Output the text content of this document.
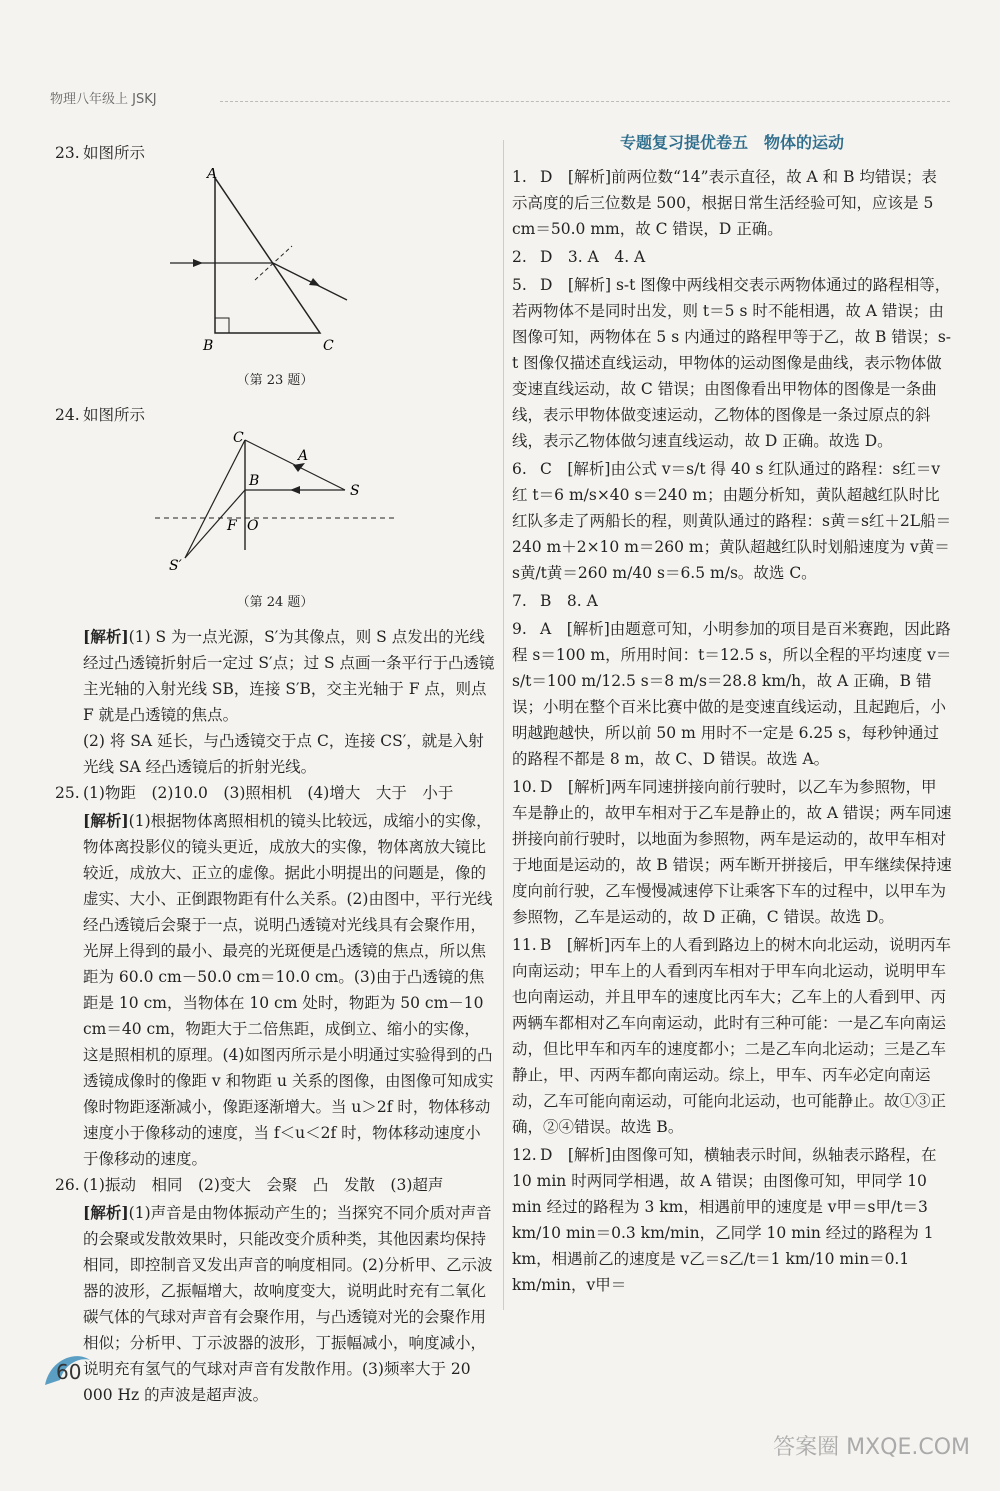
物理八年级上 JSKJ
23. 如图所示
A
B	C
（第 23 题）
24. 如图所示
C
A
B
S
F O
S′
（第 24 题）
[解析](1) S 为一点光源，S′为其像点，则 S 点发出的光线经过凸透镜折射后一定过 S′点；过 S 点画一条平行于凸透镜主光轴的入射光线 SB，连接 S′B，交主光轴于 F 点，则点 F 就是凸透镜的焦点。
(2) 将 SA 延长，与凸透镜交于点 C，连接 CS′，就是入射光线 SA 经凸透镜后的折射光线。
25. (1)物距　(2)10.0　(3)照相机　(4)增大　大于　小于
[解析](1)根据物体离照相机的镜头比较远，成缩小的实像，物体离投影仪的镜头更近，成放大的实像，物体离放大镜比较近，成放大、正立的虚像。据此小明提出的问题是，像的虚实、大小、正倒跟物距有什么关系。(2)由图中，平行光线经凸透镜后会聚于一点，说明凸透镜对光线具有会聚作用，光屏上得到的最小、最亮的光斑便是凸透镜的焦点，所以焦距为 60.0 cm－50.0 cm＝10.0 cm。(3)由于凸透镜的焦距是 10 cm，当物体在 10 cm 处时，物距为 50 cm－10 cm＝40 cm，物距大于二倍焦距，成倒立、缩小的实像，这是照相机的原理。(4)如图丙所示是小明通过实验得到的凸透镜成像时的像距 v 和物距 u 关系的图像，由图像可知成实像时物距逐渐减小，像距逐渐增大。当 u＞2f 时，物体移动速度小于像移动的速度，当 f＜u＜2f 时，物体移动速度小于像移动的速度。
26. (1)振动　相同　(2)变大　会聚　凸　发散　(3)超声
[解析](1)声音是由物体振动产生的；当探究不同介质对声音的会聚或发散效果时，只能改变介质种类，其他因素均保持相同，即控制音叉发出声音的响度相同。(2)分析甲、乙示波器的波形，乙振幅增大，故响度变大，说明此时充有二氧化碳气体的气球对声音有会聚作用，与凸透镜对光的会聚作用相似；分析甲、丁示波器的波形，丁振幅减小，响度减小，说明充有氢气的气球对声音有发散作用。(3)频率大于 20 000 Hz 的声波是超声波。
专题复习提优卷五　物体的运动
1. D　[解析]前两位数“14”表示直径，故 A 和 B 均错误；表示高度的后三位数是 500，根据日常生活经验可知，应该是 5 cm＝50.0 mm，故 C 错误，D 正确。
2. D　3. A　4. A
5. D　[解析] s-t 图像中两线相交表示两物体通过的路程相等，若两物体不是同时出发，则 t＝5 s 时不能相遇，故 A 错误；由图像可知，两物体在 5 s 内通过的路程甲等于乙，故 B 错误；s-t 图像仅描述直线运动，甲物体的运动图像是曲线，表示物体做变速直线运动，故 C 错误；由图像看出甲物体的图像是一条曲线，表示甲物体做变速运动，乙物体的图像是一条过原点的斜线，表示乙物体做匀速直线运动，故 D 正确。故选 D。
6. C　[解析]由公式 v＝s/t 得 40 s 红队通过的路程：s红＝v红 t＝6 m/s×40 s＝240 m；由题分析知，黄队超越红队时比红队多走了两船长的程，则黄队通过的路程：s黄＝s红＋2L船＝240 m＋2×10 m＝260 m；黄队超越红队时划船速度为 v黄＝s黄/t黄＝260 m/40 s＝6.5 m/s。故选 C。
7. B　8. A
9. A　[解析]由题意可知，小明参加的项目是百米赛跑，因此路程 s＝100 m，所用时间：t＝12.5 s，所以全程的平均速度 v＝s/t＝100 m/12.5 s＝8 m/s＝28.8 km/h，故 A 正确，B 错误；小明在整个百米比赛中做的是变速直线运动，且起跑后，小明越跑越快，所以前 50 m 用时不一定是 6.25 s，每秒钟通过的路程不都是 8 m，故 C、D 错误。故选 A。
10. D　[解析]两车同速拼接向前行驶时，以乙车为参照物，甲车是静止的，故甲车相对于乙车是静止的，故 A 错误；两车同速拼接向前行驶时，以地面为参照物，两车是运动的，故甲车相对于地面是运动的，故 B 错误；两车断开拼接后，甲车继续保持速度向前行驶，乙车慢慢减速停下让乘客下车的过程中，以甲车为参照物，乙车是运动的，故 D 正确，C 错误。故选 D。
11. B　[解析]丙车上的人看到路边上的树木向北运动，说明丙车向南运动；甲车上的人看到丙车相对于甲车向北运动，说明甲车也向南运动，并且甲车的速度比丙车大；乙车上的人看到甲、丙两辆车都相对乙车向南运动，此时有三种可能：一是乙车向南运动，但比甲车和丙车的速度都小；二是乙车向北运动；三是乙车静止，甲、丙两车都向南运动。综上，甲车、丙车必定向南运动，乙车可能向南运动，可能向北运动，也可能静止。故①③正确，②④错误。故选 B。
12. D　[解析]由图像可知，横轴表示时间，纵轴表示路程，在 10 min 时两同学相遇，故 A 错误；由图像可知，甲同学 10 min 经过的路程为 3 km，相遇前甲的速度是 v甲＝s甲/t＝3 km/10 min＝0.3 km/min，乙同学 10 min 经过的路程为 1 km，相遇前乙的速度是 v乙＝s乙/t＝1 km/10 min＝0.1 km/min，v甲＝
60
答案圈 MXQE.COM
